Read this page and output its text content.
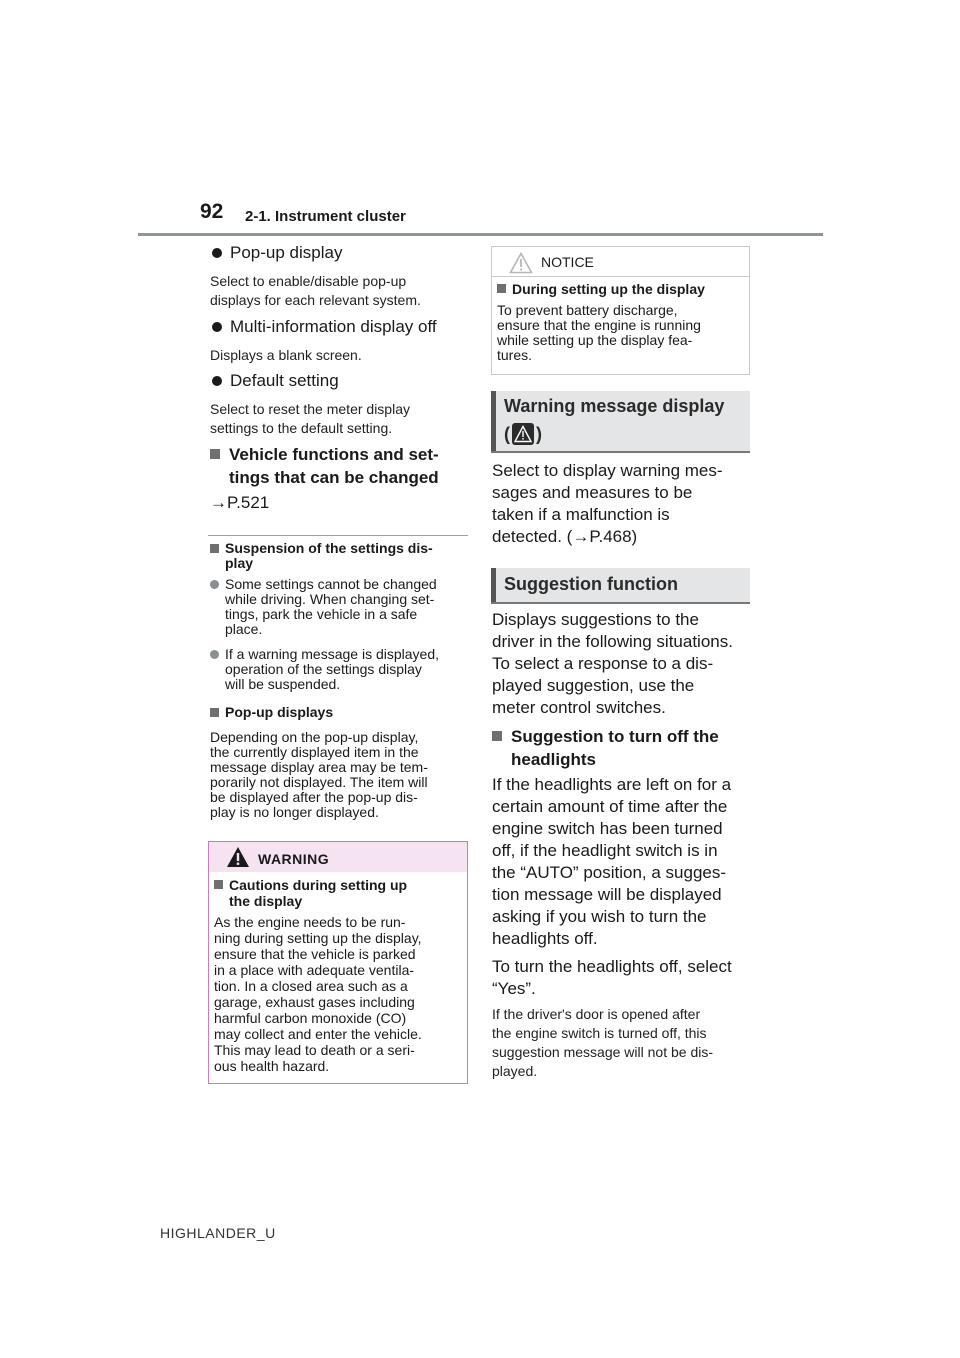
92 2-1. Instrument cluster
Pop-up display
Select to enable/disable pop-up
displays for each relevant system.
Multi-information display off
Displays a blank screen.
Default setting
Select to reset the meter display
settings to the default setting.
Vehicle functions and set-
tings that can be changed
→P.521
Suspension of the settings dis-
play
Some settings cannot be changed
while driving. When changing set-
tings, park the vehicle in a safe
place.
If a warning message is displayed,
operation of the settings display
will be suspended.
Pop-up displays
Depending on the pop-up display,
the currently displayed item in the
message display area may be tem-
porarily not displayed. The item will
be displayed after the pop-up dis-
play is no longer displayed.
WARNING
Cautions during setting up
the display
As the engine needs to be run-
ning during setting up the display,
ensure that the vehicle is parked
in a place with adequate ventila-
tion. In a closed area such as a
garage, exhaust gases including
harmful carbon monoxide (CO)
may collect and enter the vehicle.
This may lead to death or a seri-
ous health hazard.
NOTICE
During setting up the display
To prevent battery discharge,
ensure that the engine is running
while setting up the display fea-
tures.
Warning message display
( )
Select to display warning mes-
sages and measures to be
taken if a malfunction is
detected. (→P.468)
Suggestion function
Displays suggestions to the
driver in the following situations.
To select a response to a dis-
played suggestion, use the
meter control switches.
Suggestion to turn off the
headlights
If the headlights are left on for a
certain amount of time after the
engine switch has been turned
off, if the headlight switch is in
the “AUTO” position, a sugges-
tion message will be displayed
asking if you wish to turn the
headlights off.
To turn the headlights off, select
“Yes”.
If the driver's door is opened after
the engine switch is turned off, this
suggestion message will not be dis-
played.
HIGHLANDER_U
